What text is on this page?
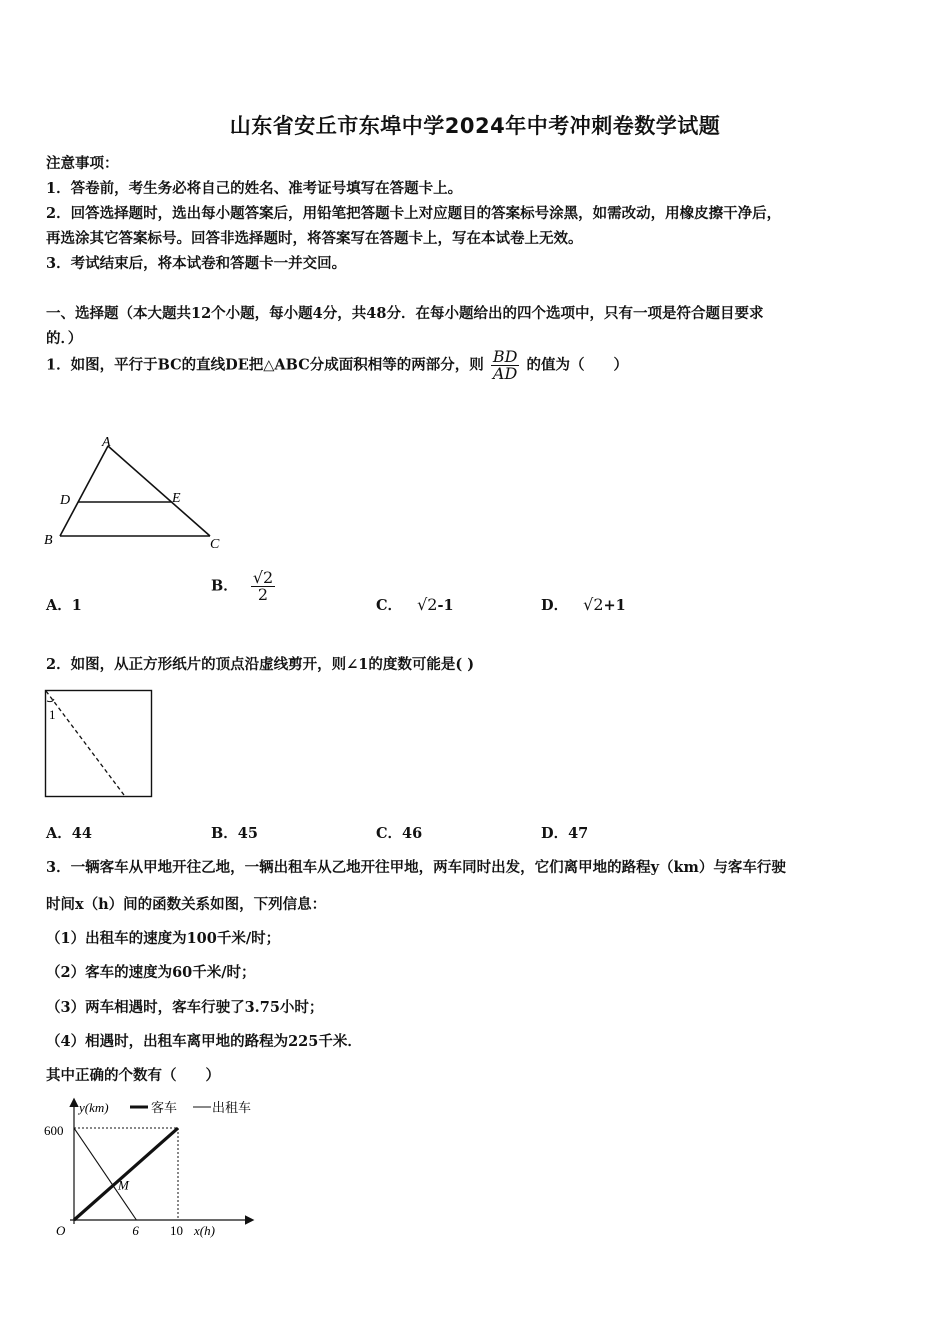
山东省安丘市东埠中学2024年中考冲刺卷数学试题
注意事项：
1．答卷前，考生务必将自己的姓名、准考证号填写在答题卡上。
2．回答选择题时，选出每小题答案后，用铅笔把答题卡上对应题目的答案标号涂黑，如需改动，用橡皮擦干净后，
再选涂其它答案标号。回答非选择题时，将答案写在答题卡上，写在本试卷上无效。
3．考试结束后，将本试卷和答题卡一并交回。
一、选择题（本大题共12个小题，每小题4分，共48分．在每小题给出的四个选项中，只有一项是符合题目要求
的．）
1．如图，平行于BC的直线DE把△ABC分成面积相等的两部分，则 $\frac{BD}{AD}$ 的值为（　　）
A
D	E
B	C
A．1
B． $\frac{√2}{2}$
C． √2-1	D． √2+1
2．如图，从正方形纸片的顶点沿虚线剪开，则∠1的度数可能是( )
1
A．44	B．45	C．46	D．47
3．一辆客车从甲地开往乙地，一辆出租车从乙地开往甲地，两车同时出发，它们离甲地的路程y（km）与客车行驶
时间x（h）间的函数关系如图，下列信息：
（1）出租车的速度为100千米/时；
（2）客车的速度为60千米/时；
（3）两车相遇时，客车行驶了3.75小时；
（4）相遇时，出租车离甲地的路程为225千米．
其中正确的个数有（　　）
y(km)	客车	出租车
600
6 10
O	x(h)
M
